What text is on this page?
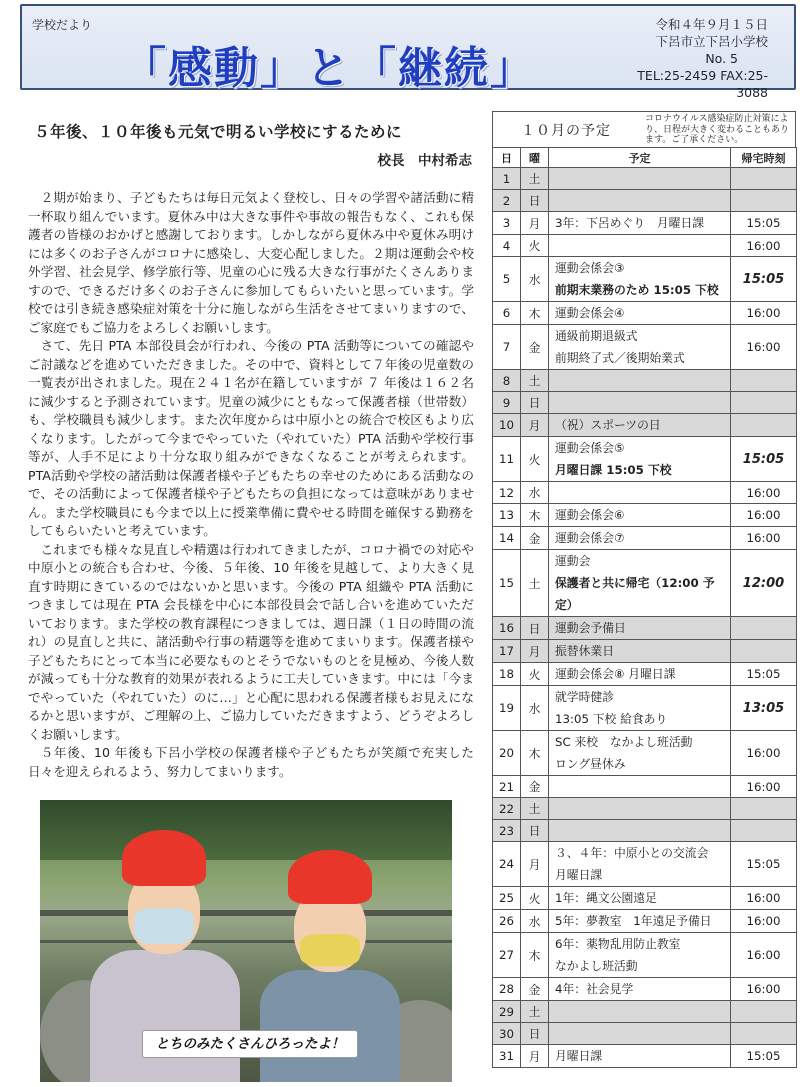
学校だより
「感動」と「継続」
令和４年９月１５日
下呂市立下呂小学校
No. 5
TEL:25-2459 FAX:25-3088
５年後、１０年後も元気で明るい学校にするために
校長　中村希志

２期が始まり、子どもたちは毎日元気よく登校し、日々の学習や諸活動に精一杯取り組んでいます。夏休み中は大きな事件や事故の報告もなく、これも保護者の皆様のおかげと感謝しております。しかしながら夏休み中や夏休み明けには多くのお子さんがコロナに感染し、大変心配しました。２期は運動会や校外学習、社会見学、修学旅行等、児童の心に残る大きな行事がたくさんありますので、できるだけ多くのお子さんに参加してもらいたいと思っています。学校では引き続き感染症対策を十分に施しながら生活をさせてまいりますので、ご家庭でもご協力をよろしくお願いします。

さて、先日 PTA 本部役員会が行われ、今後の PTA 活動等についての確認やご討議などを進めていただきました。その中で、資料として７年後の児童数の一覧表が出されました。現在２４１名が在籍していますが ７ 年後は１６２名に減少すると予測されています。児童の減少にともなって保護者様（世帯数）も、学校職員も減少します。また次年度からは中原小との統合で校区もより広くなります。したがって今までやっていた（やれていた）PTA 活動や学校行事等が、人手不足により十分な取り組みができなくなることが考えられます。PTA活動や学校の諸活動は保護者様や子どもたちの幸せのためにある活動なので、その活動によって保護者様や子どもたちの負担になっては意味がありません。また学校職員にも今まで以上に授業準備に費やせる時間を確保する勤務をしてもらいたいと考えています。

これまでも様々な見直しや精選は行われてきましたが、コロナ禍での対応や中原小との統合も合わせ、今後、５年後、10 年後を見越して、より大きく見直す時期にきているのではないかと思います。今後の PTA 組織や PTA 活動につきましては現在 PTA 会長様を中心に本部役員会で話し合いを進めていただいております。また学校の教育課程につきましては、週日課（１日の時間の流れ）の見直しと共に、諸活動や行事の精選等を進めてまいります。保護者様や子どもたちにとって本当に必要なものとそうでないものとを見極め、今後人数が減っても十分な教育的効果が表れるように工夫していきます。中には「今までやっていた（やれていた）のに…」と心配に思われる保護者様もお見えになるかと思いますが、ご理解の上、ご協力していただきますよう、どうぞよろしくお願いします。

５年後、10 年後も下呂小学校の保護者様や子どもたちが笑顔で充実した日々を迎えられるよう、努力してまいります。

とちのみたくさんひろったよ！
１０月の予定
コロナウイルス感染症防止対策により、日程が大きく変わることもあります。ご了承ください。
日	曜	予定	帰宅時刻
1	土		
2	日		
3	月	3年：下呂めぐり　月曜日課	15:05
4	火		16:00
5	水	運動会係会③
前期末業務のため 15:05 下校	15:05
6	木	運動会係会④	16:00
7	金	通級前期退級式
前期終了式／後期始業式	16:00
8	土		
9	日		
10	月	（祝）スポーツの日	

11	火	運動会係会⑤
月曜日課 15:05 下校	15:05
12	水		16:00
13	木	運動会係会⑥	16:00
14	金	運動会係会⑦	16:00
15	土	運動会
保護者と共に帰宅（12:00 予定）	12:00
16	日	運動会予備日	

17	月	振替休業日	

18	火	運動会係会⑧ 月曜日課	15:05
19	水	就学時健診
13:05 下校 給食あり	13:05
20	木	SC 来校　なかよし班活動
ロング昼休み	16:00
21	金		16:00
22	土		
23	日		
24	月	３、４年：中原小との交流会
月曜日課	15:05
25	火	1年：縄文公園遠足	16:00
26	水	5年：夢教室　1年遠足予備日	16:00
27	木	6年：薬物乱用防止教室
なかよし班活動	16:00
28	金	4年：社会見学	16:00
29	土		
30	日		
31	月	月曜日課	15:05
